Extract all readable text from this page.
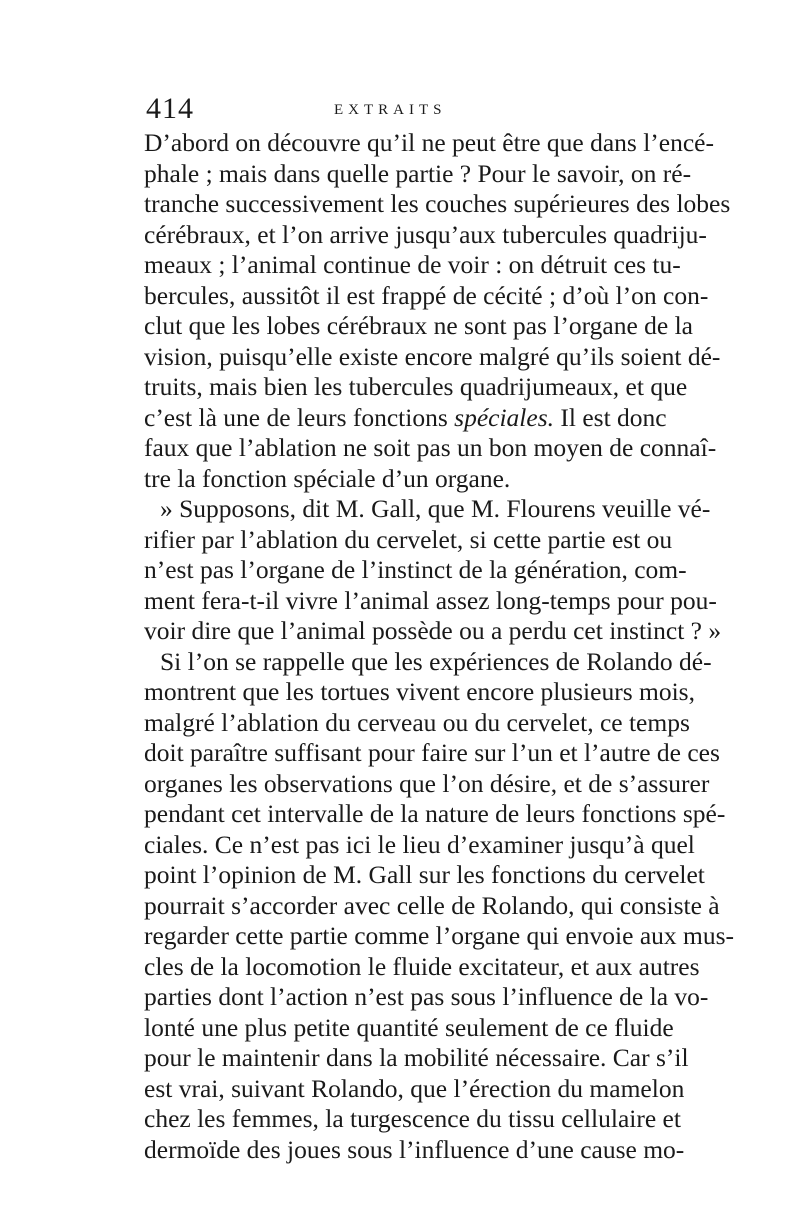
414	EXTRAITS
D’abord on découvre qu’il ne peut être que dans l’encé-
phale ; mais dans quelle partie ? Pour le savoir, on ré-
tranche successivement les couches supérieures des lobes
cérébraux, et l’on arrive jusqu’aux tubercules quadriju-
meaux ; l’animal continue de voir : on détruit ces tu-
bercules, aussitôt il est frappé de cécité ; d’où l’on con-
clut que les lobes cérébraux ne sont pas l’organe de la
vision, puisqu’elle existe encore malgré qu’ils soient dé-
truits, mais bien les tubercules quadrijumeaux, et que
c’est là une de leurs fonctions spéciales. Il est donc
faux que l’ablation ne soit pas un bon moyen de connaî-
tre la fonction spéciale d’un organe.
» Supposons, dit M. Gall, que M. Flourens veuille vé-
rifier par l’ablation du cervelet, si cette partie est ou
n’est pas l’organe de l’instinct de la génération, com-
ment fera-t-il vivre l’animal assez long-temps pour pou-
voir dire que l’animal possède ou a perdu cet instinct ? »
Si l’on se rappelle que les expériences de Rolando dé-
montrent que les tortues vivent encore plusieurs mois,
malgré l’ablation du cerveau ou du cervelet, ce temps
doit paraître suffisant pour faire sur l’un et l’autre de ces
organes les observations que l’on désire, et de s’assurer
pendant cet intervalle de la nature de leurs fonctions spé-
ciales. Ce n’est pas ici le lieu d’examiner jusqu’à quel
point l’opinion de M. Gall sur les fonctions du cervelet
pourrait s’accorder avec celle de Rolando, qui consiste à
regarder cette partie comme l’organe qui envoie aux mus-
cles de la locomotion le fluide excitateur, et aux autres
parties dont l’action n’est pas sous l’influence de la vo-
lonté une plus petite quantité seulement de ce fluide
pour le maintenir dans la mobilité nécessaire. Car s’il
est vrai, suivant Rolando, que l’érection du mamelon
chez les femmes, la turgescence du tissu cellulaire et
dermoïde des joues sous l’influence d’une cause mo-
